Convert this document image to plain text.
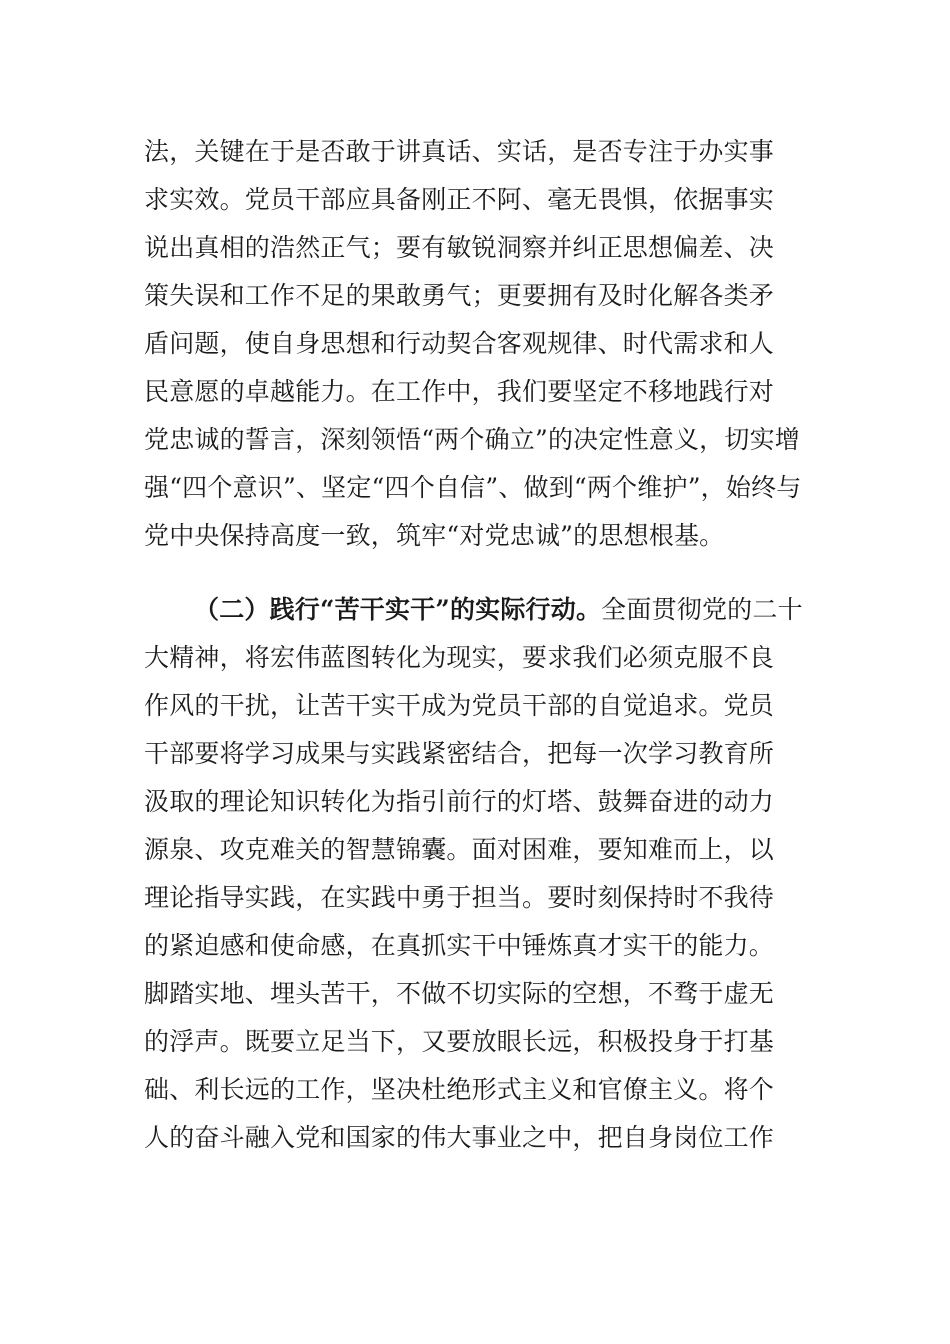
法，关键在于是否敢于讲真话、实话，是否专注于办实事
求实效。党员干部应具备刚正不阿、毫无畏惧，依据事实
说出真相的浩然正气；要有敏锐洞察并纠正思想偏差、决
策失误和工作不足的果敢勇气；更要拥有及时化解各类矛
盾问题，使自身思想和行动契合客观规律、时代需求和人
民意愿的卓越能力。在工作中，我们要坚定不移地践行对
党忠诚的誓言，深刻领悟“两个确立”的决定性意义，切实增
强“四个意识”、坚定“四个自信”、做到“两个维护”，始终与
党中央保持高度一致，筑牢“对党忠诚”的思想根基。
（二）践行“苦干实干”的实际行动。全面贯彻党的二十
大精神，将宏伟蓝图转化为现实，要求我们必须克服不良
作风的干扰，让苦干实干成为党员干部的自觉追求。党员
干部要将学习成果与实践紧密结合，把每一次学习教育所
汲取的理论知识转化为指引前行的灯塔、鼓舞奋进的动力
源泉、攻克难关的智慧锦囊。面对困难，要知难而上，以
理论指导实践，在实践中勇于担当。要时刻保持时不我待
的紧迫感和使命感，在真抓实干中锤炼真才实干的能力。
脚踏实地、埋头苦干，不做不切实际的空想，不骛于虚无
的浮声。既要立足当下，又要放眼长远，积极投身于打基
础、利长远的工作，坚决杜绝形式主义和官僚主义。将个
人的奋斗融入党和国家的伟大事业之中，把自身岗位工作
